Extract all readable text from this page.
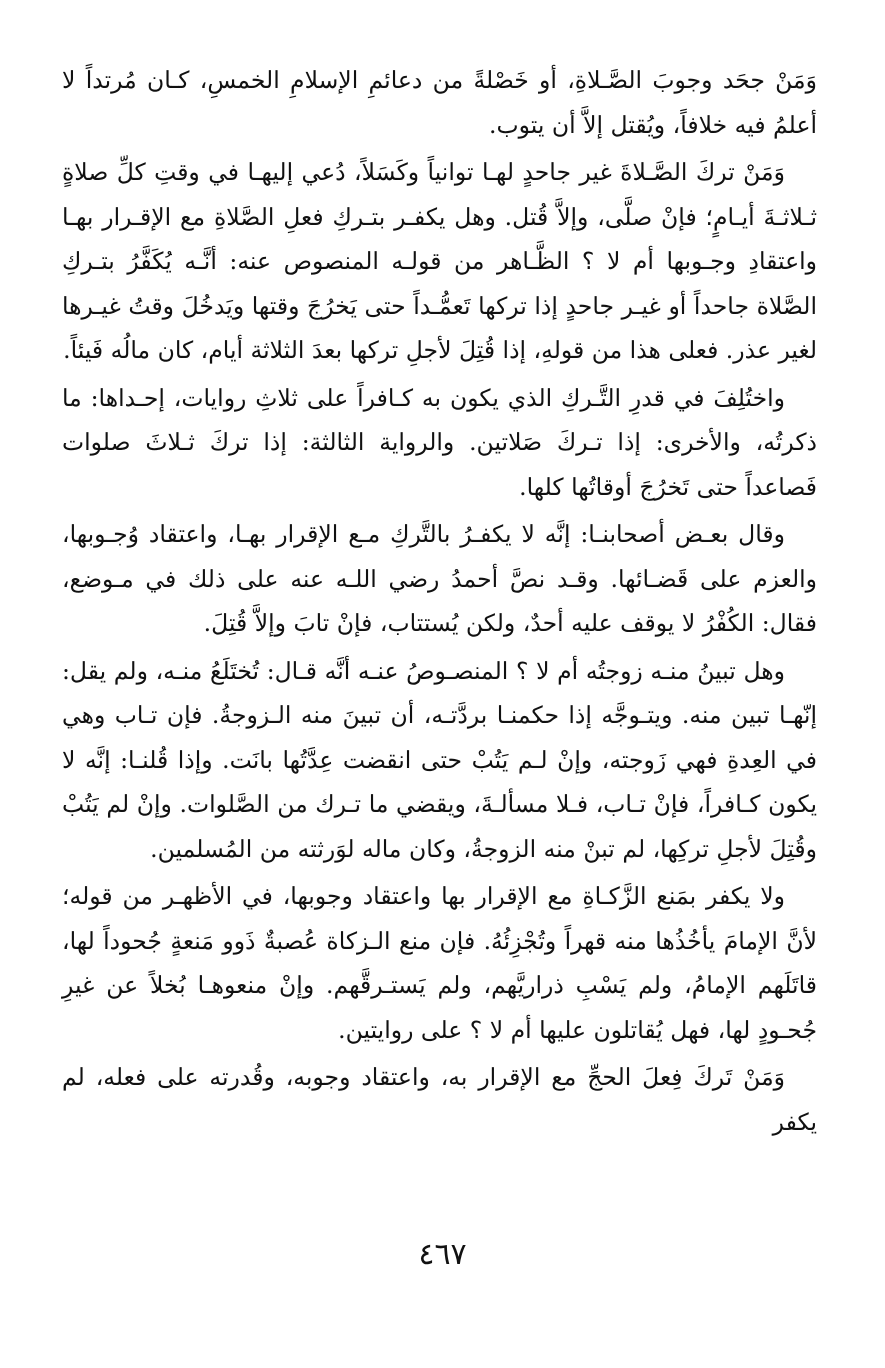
وَمَنْ جحَد وجوبَ الصَّـلاةِ، أو خَصْلةً من دعائمِ الإسلامِ الخمسِ، كـان مُرتداً لا أعلمُ فيه خلافاً، ويُقتل إلاَّ أن يتوب.

وَمَنْ تركَ الصَّـلاةَ غير جاحدٍ لهـا توانياً وكَسَلاً، دُعي إليهـا في وقتِ كلِّ صلاةٍ ثـلاثـةَ أيـامٍ؛ فإنْ صلَّى، وإلاَّ قُتل. وهل يكفـر بتـركِ فعلِ الصَّلاةِ مع الإقـرار بهـا واعتقادِ وجـوبها أم لا ؟ الظَّـاهر من قولـه المنصوص عنه: أنَّـه يُكَفَّرُ بتـركِ الصَّلاة جاحداً أو غيـر جاحدٍ إذا تركها تَعمُّـداً حتى يَخرُجَ وقتها ويَدخُلَ وقتُ غيـرها لغير عذر. فعلى هذا من قولهِ، إذا قُتِلَ لأجلِ تركها بعدَ الثلاثة أيام، كان مالُه فَيئاً.

واختُلِفَ في قدرِ التَّـركِ الذي يكون به كـافراً على ثلاثِ روايات، إحـداها: ما ذكرتُه، والأخرى: إذا تـركَ صَلاتين. والرواية الثالثة: إذا تركَ ثـلاثَ صلوات فَصاعداً حتى تَخرُجَ أوقاتُها كلها.

وقال بعـض أصحابنـا: إنَّه لا يكفـرُ بالتَّركِ مـع الإقرار بهـا، واعتقاد وُجـوبها، والعزم على قَضـائها. وقـد نصَّ أحمدُ رضي اللـه عنه على ذلك في مـوضع، فقال: الكُفْرُ لا يوقف عليه أحدٌ، ولكن يُستتاب، فإنْ تابَ وإلاَّ قُتِلَ.

وهل تبينُ منـه زوجتُه أم لا ؟ المنصـوصُ عنـه أنَّه قـال: تُختَلَعُ منـه، ولم يقل: إنّهـا تبين منه. ويتـوجَّه إذا حكمنـا بردَّتـه، أن تبينَ منه الـزوجةُ. فإن تـاب وهي في العِدةِ فهي زَوجته، وإنْ لـم يَتُبْ حتى انقضت عِدَّتُها بانَت. وإذا قُلنـا: إنَّه لا يكون كـافراً، فإنْ تـاب، فـلا مسألـةَ، ويقضي ما تـرك من الصَّلوات. وإنْ لم يَتُبْ وقُتِلَ لأجلِ تركِها، لم تبنْ منه الزوجةُ، وكان ماله لوَرثته من المُسلمين.

ولا يكفر بمَنع الزَّكـاةِ مع الإقرار بها واعتقاد وجوبها، في الأظهـر من قوله؛ لأنَّ الإمامَ يأخُذُها منه قهراً وتُجْزِئُهُ. فإن منع الـزكاة عُصبةٌ ذَوو مَنعةٍ جُحوداً لها، قاتَلَهم الإمامُ، ولم يَسْبِ ذراريَّهم، ولم يَستـرقَّهم. وإنْ منعوهـا بُخلاً عن غيرِ جُحـودٍ لها، فهل يُقاتلون عليها أم لا ؟ على روايتين.

وَمَنْ تَركَ فِعلَ الحجِّ مع الإقرار به، واعتقاد وجوبه، وقُدرته على فعله، لم يكفر

٤٦٧
